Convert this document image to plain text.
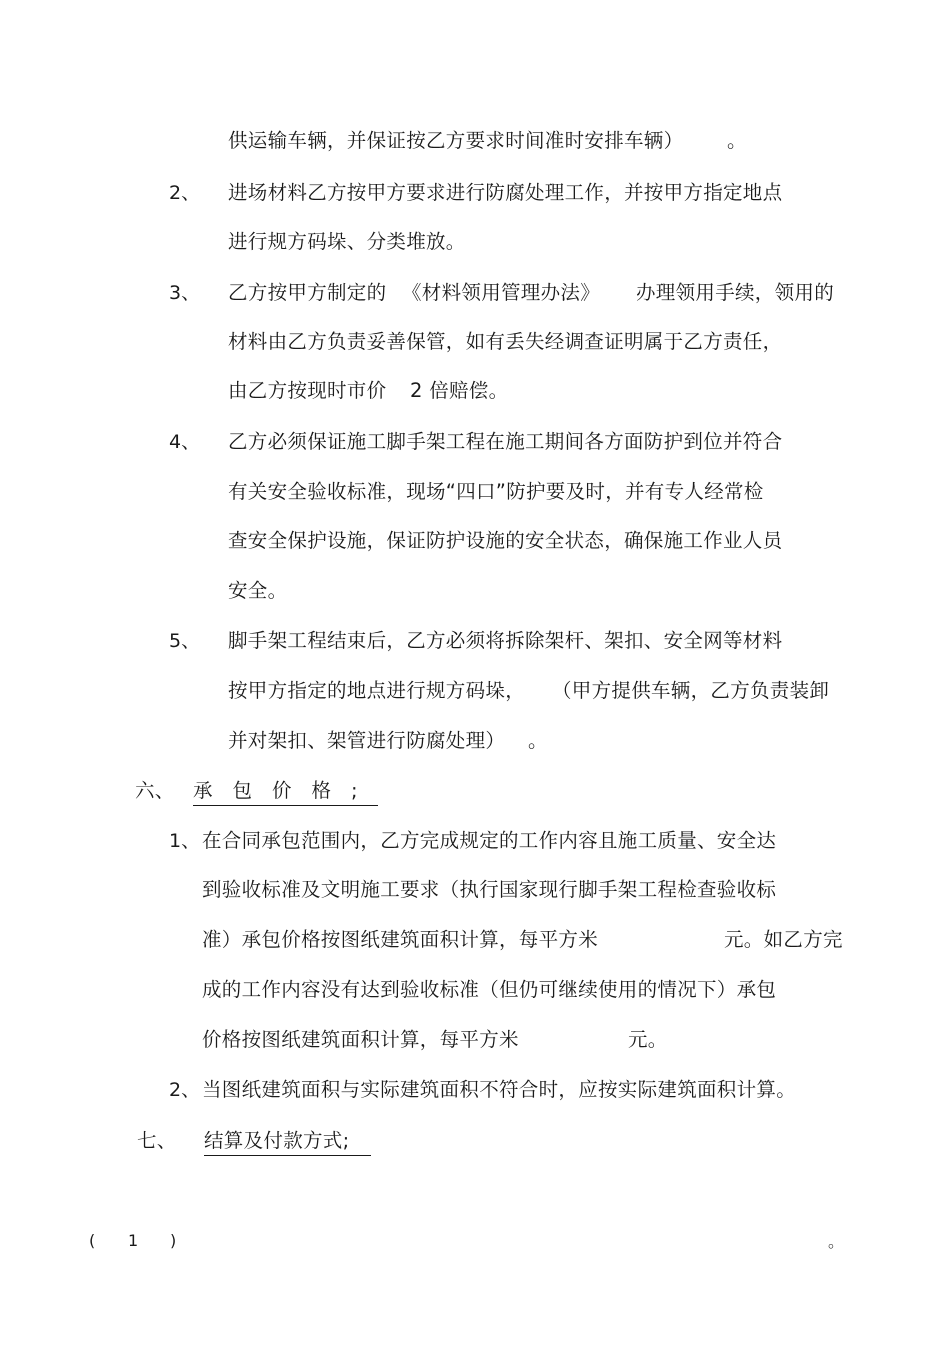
供运输车辆，并保证按乙方要求时间准时安排车辆） 。
2、 进场材料乙方按甲方要求进行防腐处理工作，并按甲方指定地点
进行规方码垛、分类堆放。
3、 乙方按甲方制定的 《材料领用管理办法》 办理领用手续，领用的
材料由乙方负责妥善保管，如有丢失经调查证明属于乙方责任，
由乙方按现时市价 2 倍赔偿。
4、 乙方必须保证施工脚手架工程在施工期间各方面防护到位并符合
有关安全验收标准，现场“四口”防护要及时，并有专人经常检
查安全保护设施，保证防护设施的安全状态，确保施工作业人员
安全。
5、 脚手架工程结束后，乙方必须将拆除架杆、架扣、安全网等材料
按甲方指定的地点进行规方码垛， （甲方提供车辆，乙方负责装卸
并对架扣、架管进行防腐处理） 。
六、 承包价格;
1、 在合同承包范围内，乙方完成规定的工作内容且施工质量、安全达
到验收标准及文明施工要求（执行国家现行脚手架工程检查验收标
准）承包价格按图纸建筑面积计算，每平方米	元。如乙方完
成的工作内容没有达到验收标准（但仍可继续使用的情况下）承包
价格按图纸建筑面积计算，每平方米	元。
2、 当图纸建筑面积与实际建筑面积不符合时，应按实际建筑面积计算。
七、 结算及付款方式;
( 1 )	。
